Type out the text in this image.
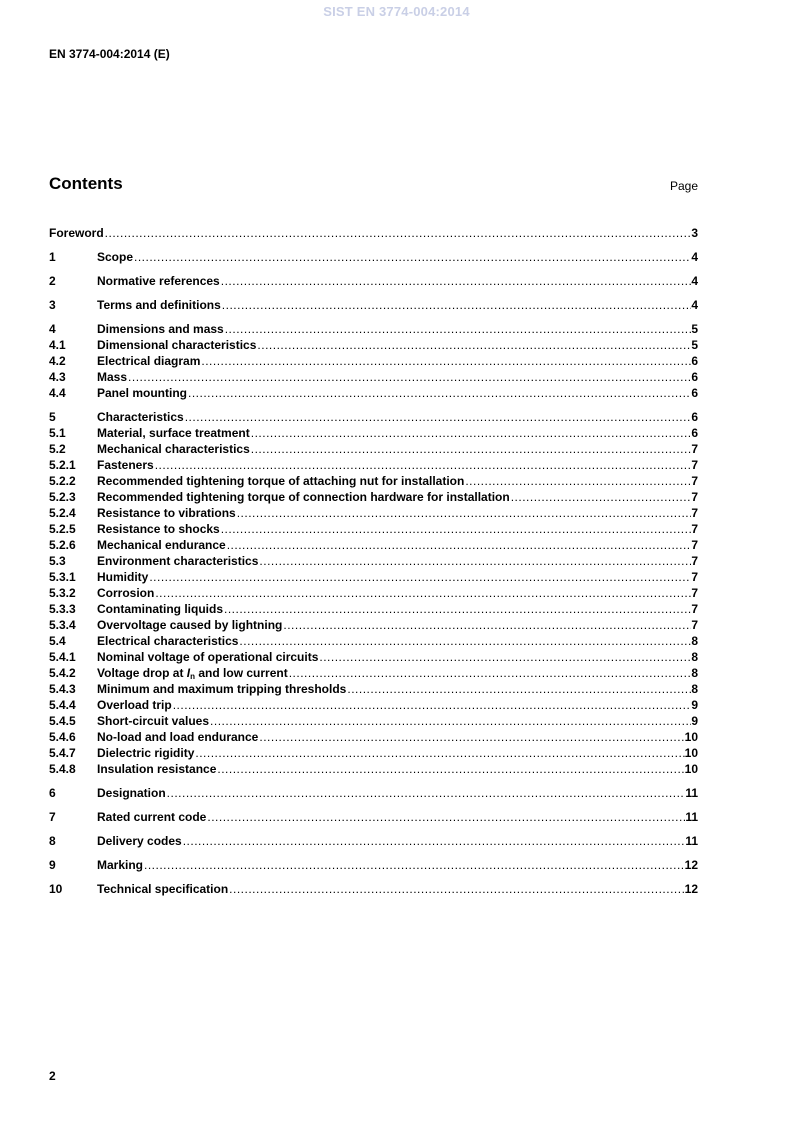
SIST EN 3774-004:2014
EN 3774-004:2014 (E)
Contents	Page
Foreword .....	3
1	Scope .....	4
2	Normative references .....	4
3	Terms and definitions .....	4
4	Dimensions and mass .....	5
4.1	Dimensional characteristics .....	5
4.2	Electrical diagram .....	6
4.3	Mass .....	6
4.4	Panel mounting .....	6
5	Characteristics .....	6
5.1	Material, surface treatment .....	6
5.2	Mechanical characteristics .....	7
5.2.1	Fasteners .....	7
5.2.2	Recommended tightening torque of attaching nut for installation .....	7
5.2.3	Recommended tightening torque of connection hardware for installation .....	7
5.2.4	Resistance to vibrations .....	7
5.2.5	Resistance to shocks .....	7
5.2.6	Mechanical endurance .....	7
5.3	Environment characteristics .....	7
5.3.1	Humidity .....	7
5.3.2	Corrosion .....	7
5.3.3	Contaminating liquids .....	7
5.3.4	Overvoltage caused by lightning .....	7
5.4	Electrical characteristics .....	8
5.4.1	Nominal voltage of operational circuits .....	8
5.4.2	Voltage drop at $I_n$ and low current .....	8
5.4.3	Minimum and maximum tripping thresholds .....	8
5.4.4	Overload trip .....	9
5.4.5	Short-circuit values .....	9
5.4.6	No-load and load endurance .....	10
5.4.7	Dielectric rigidity .....	10
5.4.8	Insulation resistance .....	10
6	Designation .....	11
7	Rated current code .....	11
8	Delivery codes .....	11
9	Marking .....	12
10	Technical specification .....	12
2
